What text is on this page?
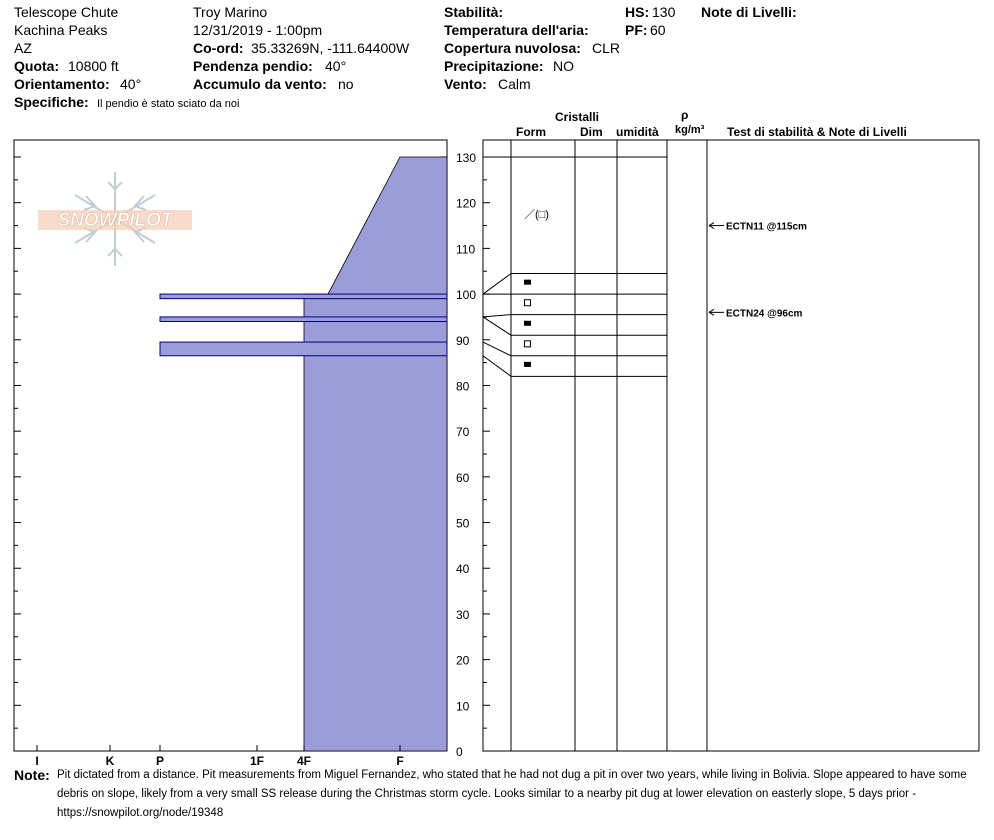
Telescope Chute
Kachina Peaks
AZ
Quota: 10800 ft
Orientamento: 40°
Specifiche: Il pendio è stato sciato da noi
Troy Marino
12/31/2019 - 1:00pm
Co-ord: 35.33269N, -111.64400W
Pendenza pendio: 40°
Accumulo da vento: no
Stabilità:
Temperatura dell'aria:
Copertura nuvolosa: CLR
Precipitazione: NO
Vento: Calm
HS: 130
PF: 60
Note di Livelli:
Cristalli
Form	Dim umidità
ρ
kg/m³ Test di stabilità & Note di Livelli
SNOWPILOT
I	K	P	1F	4F	F
0
10
20
30
40
50
60
70
80
90
100
110
120
130
／(□)
ECTN11 @115cm
ECTN24 @96cm
Note: Pit dictated from a distance. Pit measurements from Miguel Fernandez, who stated that he had not dug a pit in over two years, while living in Bolivia. Slope appeared to have some debris on slope, likely from a very small SS release during the Christmas storm cycle. Looks similar to a nearby pit dug at lower elevation on easterly slope, 5 days prior - https://snowpilot.org/node/19348
